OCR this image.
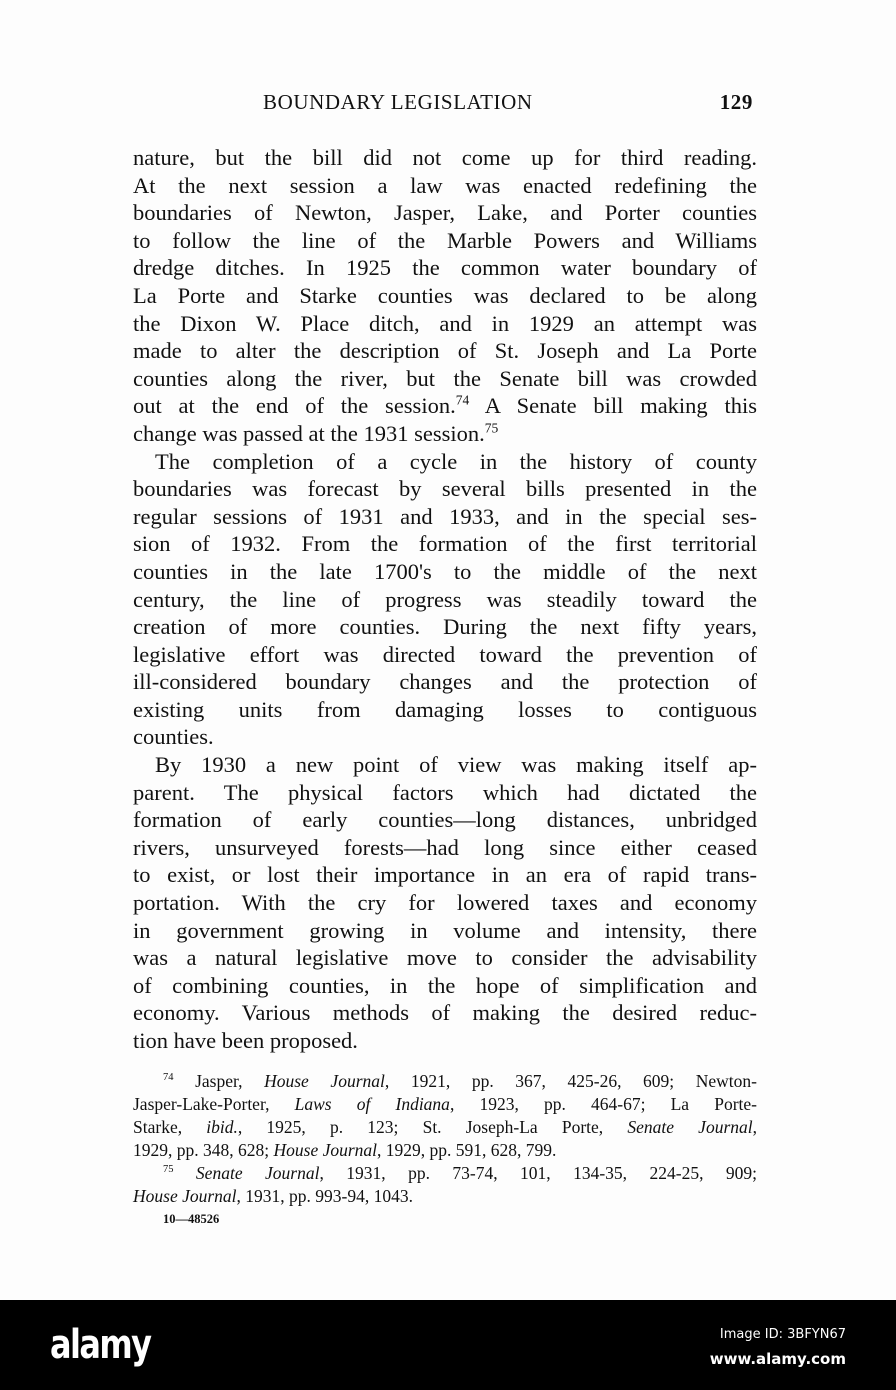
BOUNDARY LEGISLATION	129
nature, but the bill did not come up for third reading.
At the next session a law was enacted redefining the
boundaries of Newton, Jasper, Lake, and Porter counties
to follow the line of the Marble Powers and Williams
dredge ditches. In 1925 the common water boundary of
La Porte and Starke counties was declared to be along
the Dixon W. Place ditch, and in 1929 an attempt was
made to alter the description of St. Joseph and La Porte
counties along the river, but the Senate bill was crowded
out at the end of the session.$^{74}$ A Senate bill making this
change was passed at the 1931 session.$^{75}$
The completion of a cycle in the history of county
boundaries was forecast by several bills presented in the
regular sessions of 1931 and 1933, and in the special ses-
sion of 1932. From the formation of the first territorial
counties in the late 1700's to the middle of the next
century, the line of progress was steadily toward the
creation of more counties. During the next fifty years,
legislative effort was directed toward the prevention of
ill-considered boundary changes and the protection of
existing units from damaging losses to contiguous
counties.
By 1930 a new point of view was making itself ap-
parent. The physical factors which had dictated the
formation of early counties—long distances, unbridged
rivers, unsurveyed forests—had long since either ceased
to exist, or lost their importance in an era of rapid trans-
portation. With the cry for lowered taxes and economy
in government growing in volume and intensity, there
was a natural legislative move to consider the advisability
of combining counties, in the hope of simplification and
economy. Various methods of making the desired reduc-
tion have been proposed.
$^{74}$ Jasper, House Journal, 1921, pp. 367, 425-26, 609; Newton-
Jasper-Lake-Porter, Laws of Indiana, 1923, pp. 464-67; La Porte-
Starke, ibid., 1925, p. 123; St. Joseph-La Porte, Senate Journal,
1929, pp. 348, 628; House Journal, 1929, pp. 591, 628, 799.
$^{75}$ Senate Journal, 1931, pp. 73-74, 101, 134-35, 224-25, 909;
House Journal, 1931, pp. 993-94, 1043.
10—48526
alamy	Image ID: 3BFYN67
www.alamy.com
